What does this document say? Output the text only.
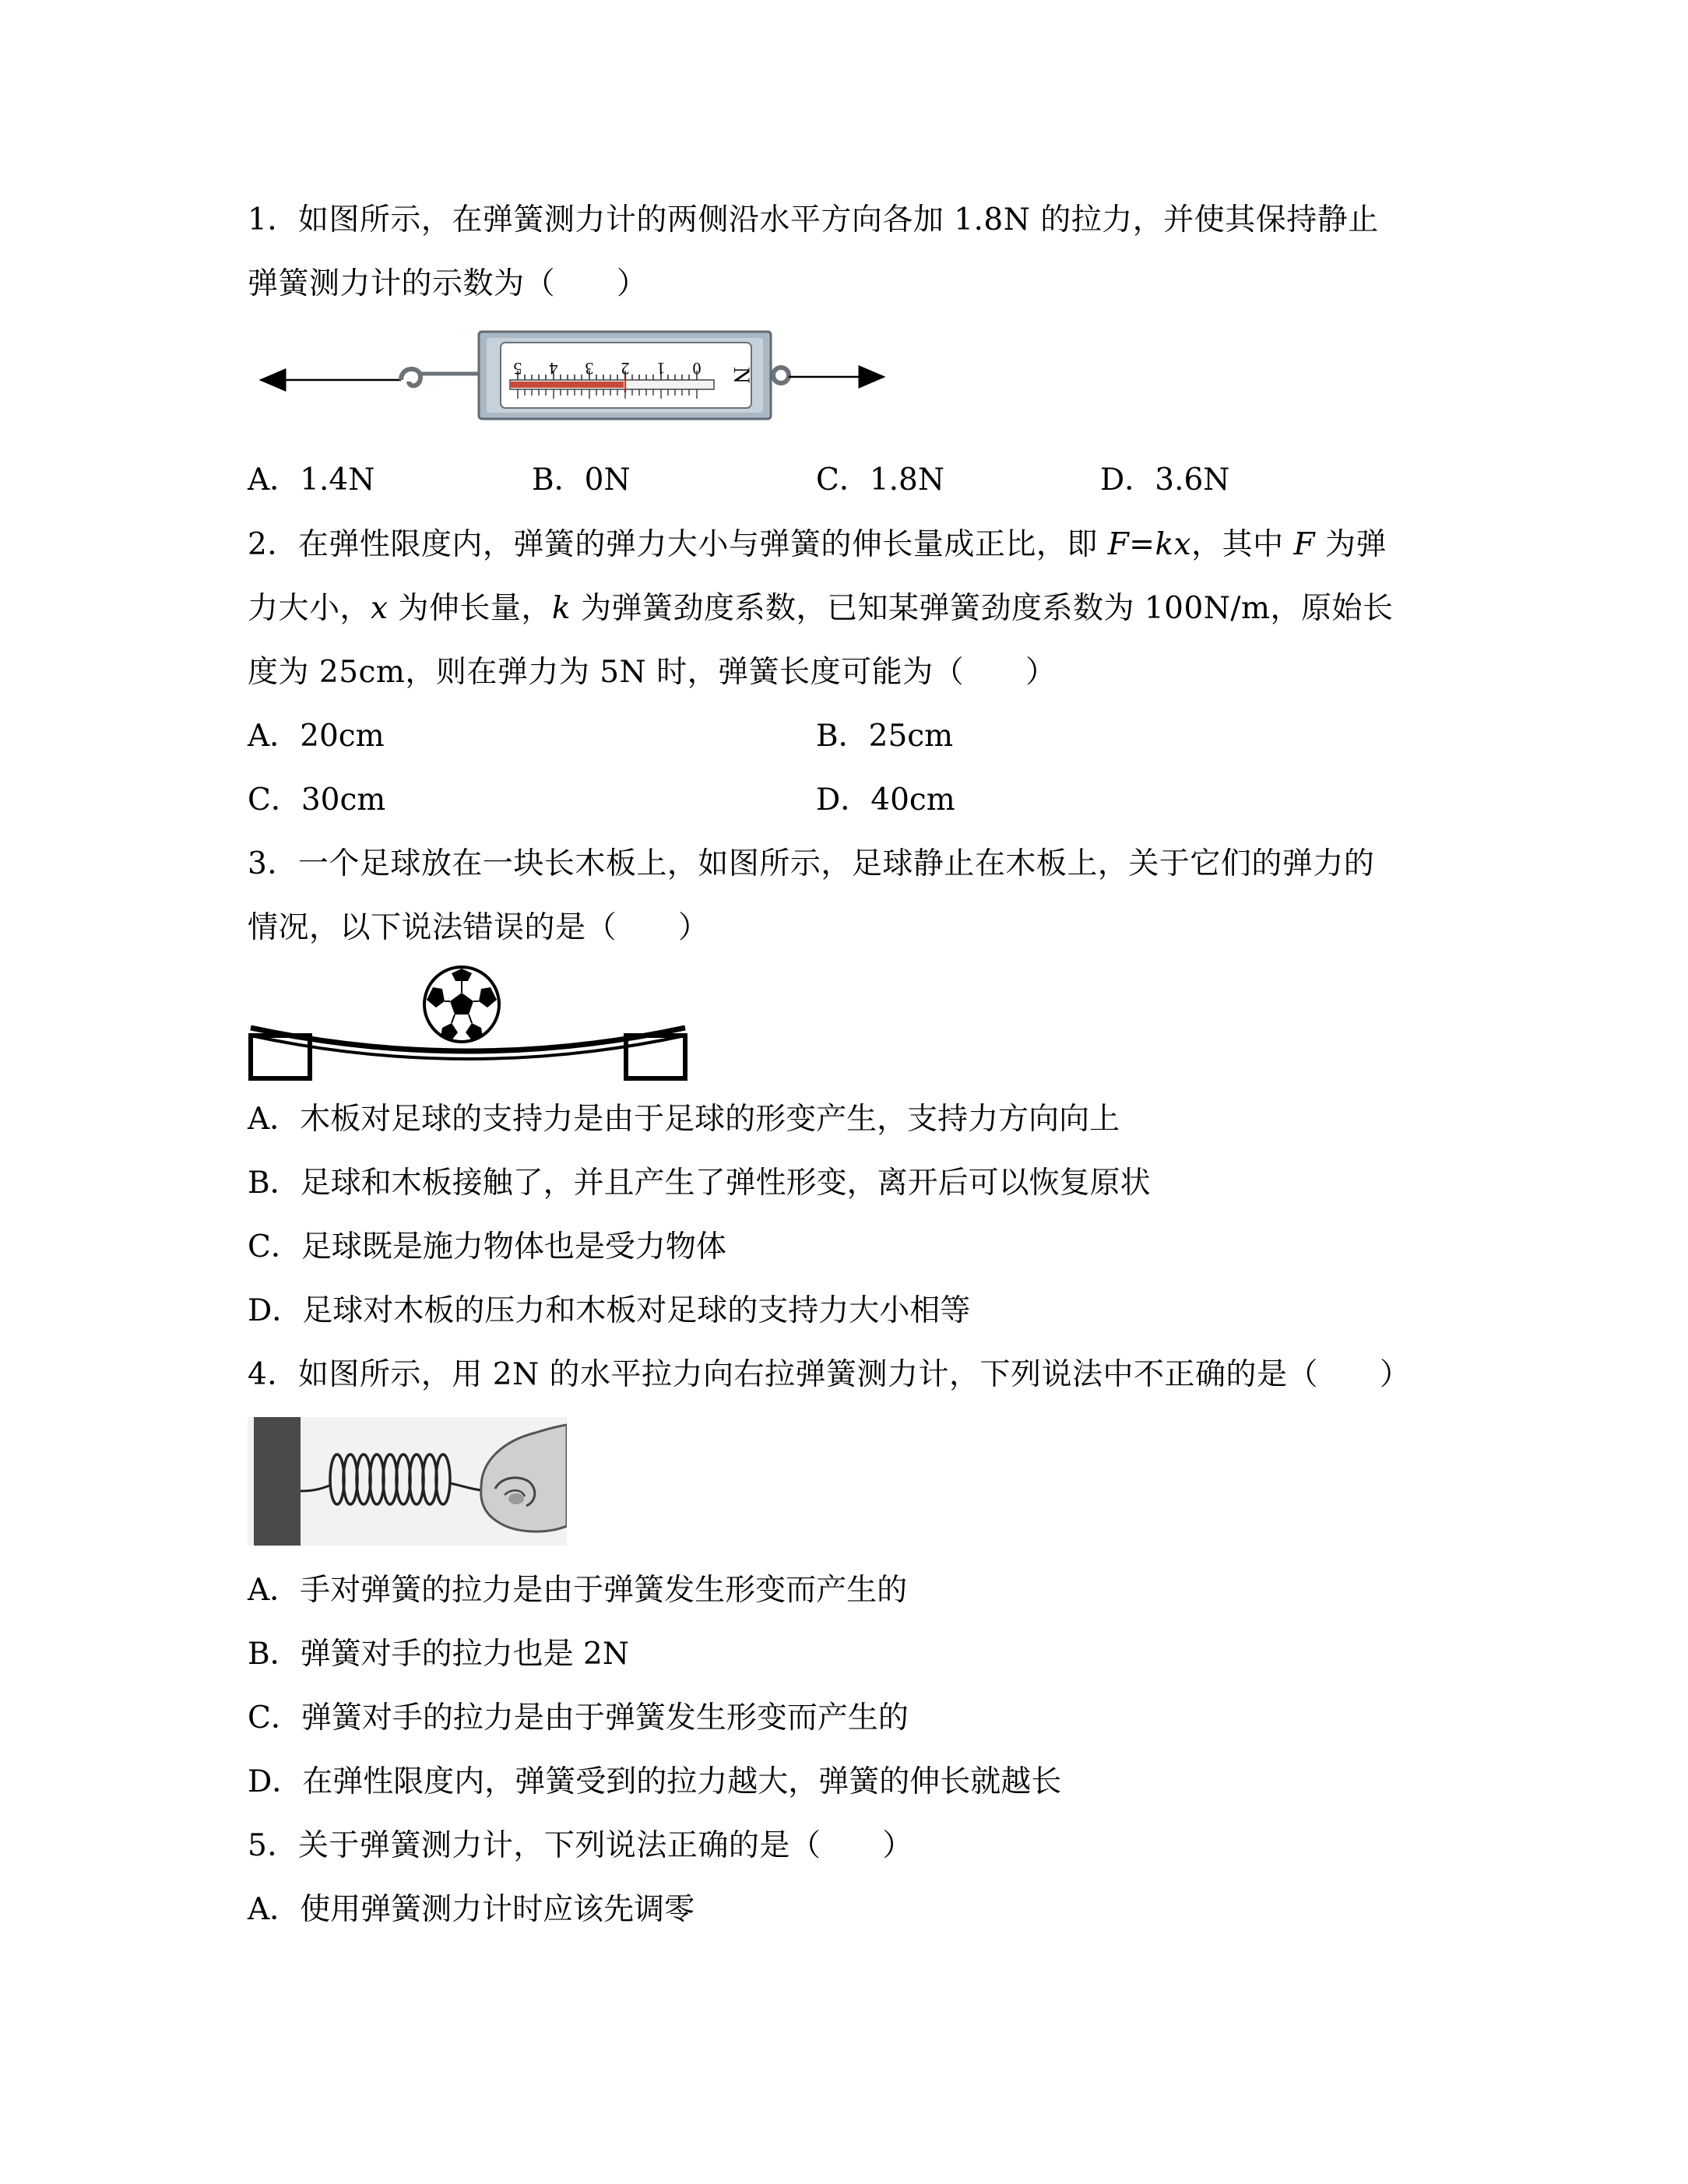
1．如图所示，在弹簧测力计的两侧沿水平方向各加 1.8N 的拉力，并使其保持静止
弹簧测力计的示数为（　　）
0
1
2
3
4
5	N
A．1.4N	B．0N	C．1.8N	D．3.6N
2．在弹性限度内，弹簧的弹力大小与弹簧的伸长量成正比，即 F=kx，其中 F 为弹
力大小，x 为伸长量，k 为弹簧劲度系数，已知某弹簧劲度系数为 100N/m，原始长
度为 25cm，则在弹力为 5N 时，弹簧长度可能为（　　）
A．20cm	B．25cm
C．30cm	D．40cm
3．一个足球放在一块长木板上，如图所示，足球静止在木板上，关于它们的弹力的
情况，以下说法错误的是（　　）
A．木板对足球的支持力是由于足球的形变产生，支持力方向向上
B．足球和木板接触了，并且产生了弹性形变，离开后可以恢复原状
C．足球既是施力物体也是受力物体
D．足球对木板的压力和木板对足球的支持力大小相等
4．如图所示，用 2N 的水平拉力向右拉弹簧测力计，下列说法中不正确的是（　　）
A．手对弹簧的拉力是由于弹簧发生形变而产生的
B．弹簧对手的拉力也是 2N
C．弹簧对手的拉力是由于弹簧发生形变而产生的
D．在弹性限度内，弹簧受到的拉力越大，弹簧的伸长就越长
5．关于弹簧测力计，下列说法正确的是（　　）
A．使用弹簧测力计时应该先调零
